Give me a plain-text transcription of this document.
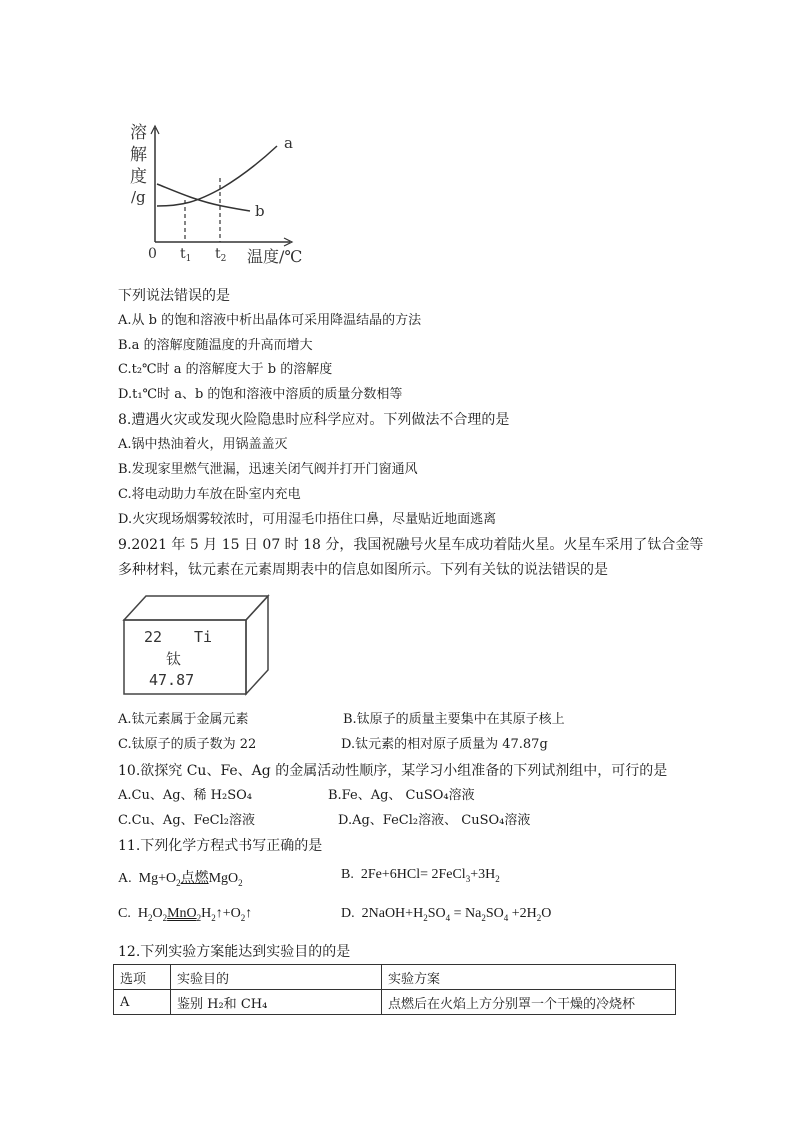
溶
解
度
/g
a
b
0 $t_1$ $t_2$ 温度/℃
下列说法错误的是
A.从 b 的饱和溶液中析出晶体可采用降温结晶的方法
B.a 的溶解度随温度的升高而增大
C.t₂℃时 a 的溶解度大于 b 的溶解度
D.t₁℃时 a、b 的饱和溶液中溶质的质量分数相等
8.遭遇火灾或发现火险隐患时应科学应对。下列做法不合理的是
A.锅中热油着火，用锅盖盖灭
B.发现家里燃气泄漏，迅速关闭气阀并打开门窗通风
C.将电动助力车放在卧室内充电
D.火灾现场烟雾较浓时，可用湿毛巾捂住口鼻，尽量贴近地面逃离
9.2021 年 5 月 15 日 07 时 18 分，我国祝融号火星车成功着陆火星。火星车采用了钛合金等
多种材料，钛元素在元素周期表中的信息如图所示。下列有关钛的说法错误的是
22 Ti
钛
47.87
A.钛元素属于金属元素	B.钛原子的质量主要集中在其原子核上
C.钛原子的质子数为 22	D.钛元素的相对原子质量为 47.87g
10.欲探究 Cu、Fe、Ag 的金属活动性顺序，某学习小组准备的下列试剂组中，可行的是
A.Cu、Ag、稀 H₂SO₄	B.Fe、Ag、 CuSO₄溶液
C.Cu、Ag、FeCl₂溶液	D.Ag、FeCl₂溶液、 CuSO₄溶液
11.下列化学方程式书写正确的是
A.  $Mg+O_2$点燃MgO$_2$
B.  $2Fe+6HCl= 2FeCl_3+3H_2$
C.  $H_2O_2MnO_2H_2↑+O_2↑$	D.  $2NaOH+H_2SO_4 = Na_2SO_4 +2H_2O$
12.下列实验方案能达到实验目的的是
选项	实验目的	实验方案
A	鉴别 H₂和 CH₄	点燃后在火焰上方分别罩一个干燥的冷烧杯
